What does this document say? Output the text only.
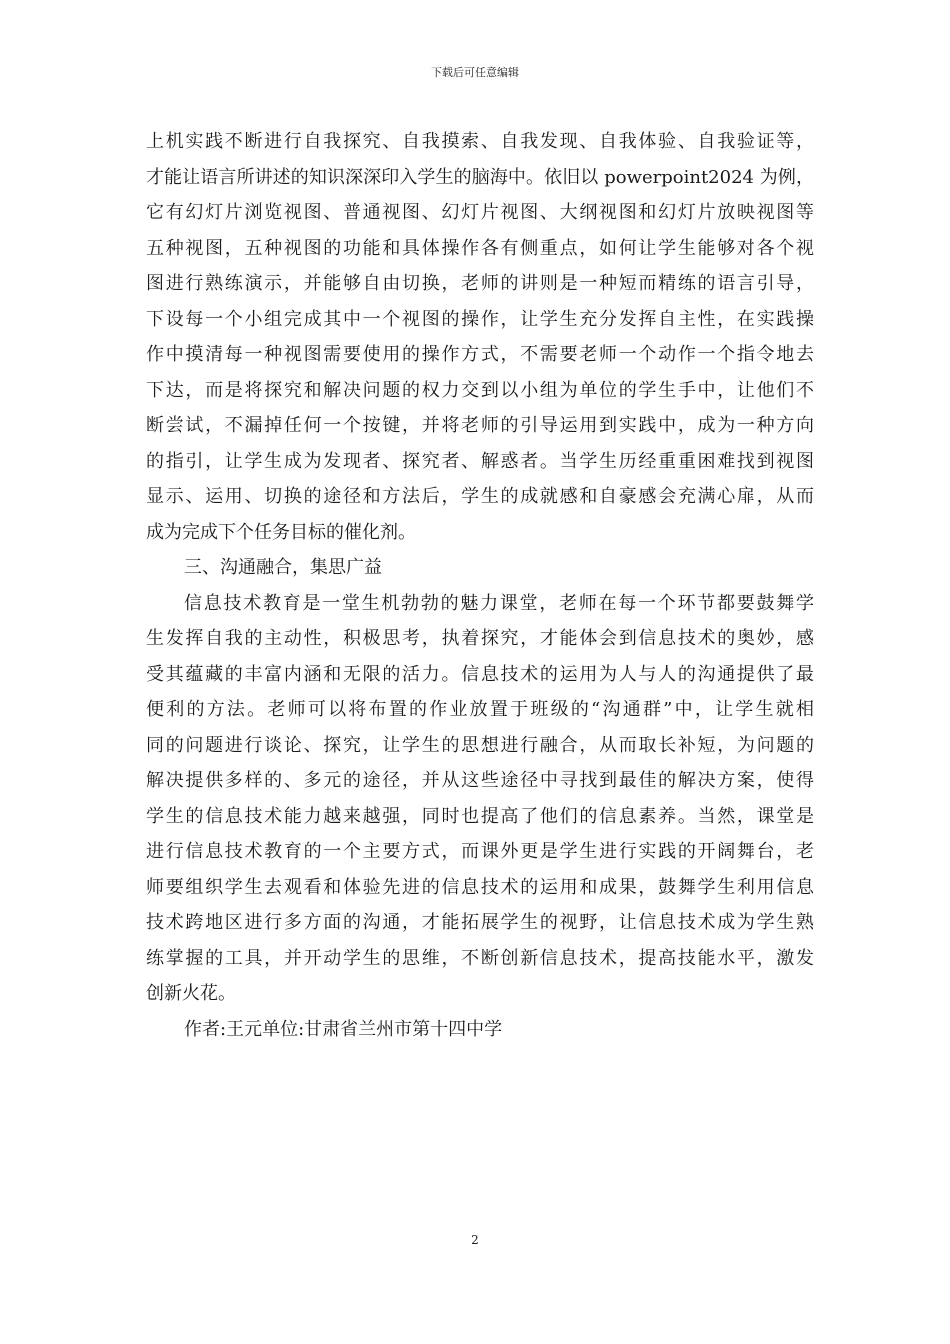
下载后可任意编辑
上机实践不断进行自我探究、自我摸索、自我发现、自我体验、自我验证等，
才能让语言所讲述的知识深深印入学生的脑海中。依旧以 powerpoint2024 为例，
它有幻灯片浏览视图、普通视图、幻灯片视图、大纲视图和幻灯片放映视图等
五种视图，五种视图的功能和具体操作各有侧重点，如何让学生能够对各个视
图进行熟练演示，并能够自由切换，老师的讲则是一种短而精练的语言引导，
下设每一个小组完成其中一个视图的操作，让学生充分发挥自主性，在实践操
作中摸清每一种视图需要使用的操作方式，不需要老师一个动作一个指令地去
下达，而是将探究和解决问题的权力交到以小组为单位的学生手中，让他们不
断尝试，不漏掉任何一个按键，并将老师的引导运用到实践中，成为一种方向
的指引，让学生成为发现者、探究者、解惑者。当学生历经重重困难找到视图
显示、运用、切换的途径和方法后，学生的成就感和自豪感会充满心扉，从而
成为完成下个任务目标的催化剂。
三、沟通融合，集思广益
信息技术教育是一堂生机勃勃的魅力课堂，老师在每一个环节都要鼓舞学
生发挥自我的主动性，积极思考，执着探究，才能体会到信息技术的奥妙，感
受其蕴藏的丰富内涵和无限的活力。信息技术的运用为人与人的沟通提供了最
便利的方法。老师可以将布置的作业放置于班级的“沟通群”中，让学生就相
同的问题进行谈论、探究，让学生的思想进行融合，从而取长补短，为问题的
解决提供多样的、多元的途径，并从这些途径中寻找到最佳的解决方案，使得
学生的信息技术能力越来越强，同时也提高了他们的信息素养。当然，课堂是
进行信息技术教育的一个主要方式，而课外更是学生进行实践的开阔舞台，老
师要组织学生去观看和体验先进的信息技术的运用和成果，鼓舞学生利用信息
技术跨地区进行多方面的沟通，才能拓展学生的视野，让信息技术成为学生熟
练掌握的工具，并开动学生的思维，不断创新信息技术，提高技能水平，激发
创新火花。
作者:王元单位:甘肃省兰州市第十四中学
2
